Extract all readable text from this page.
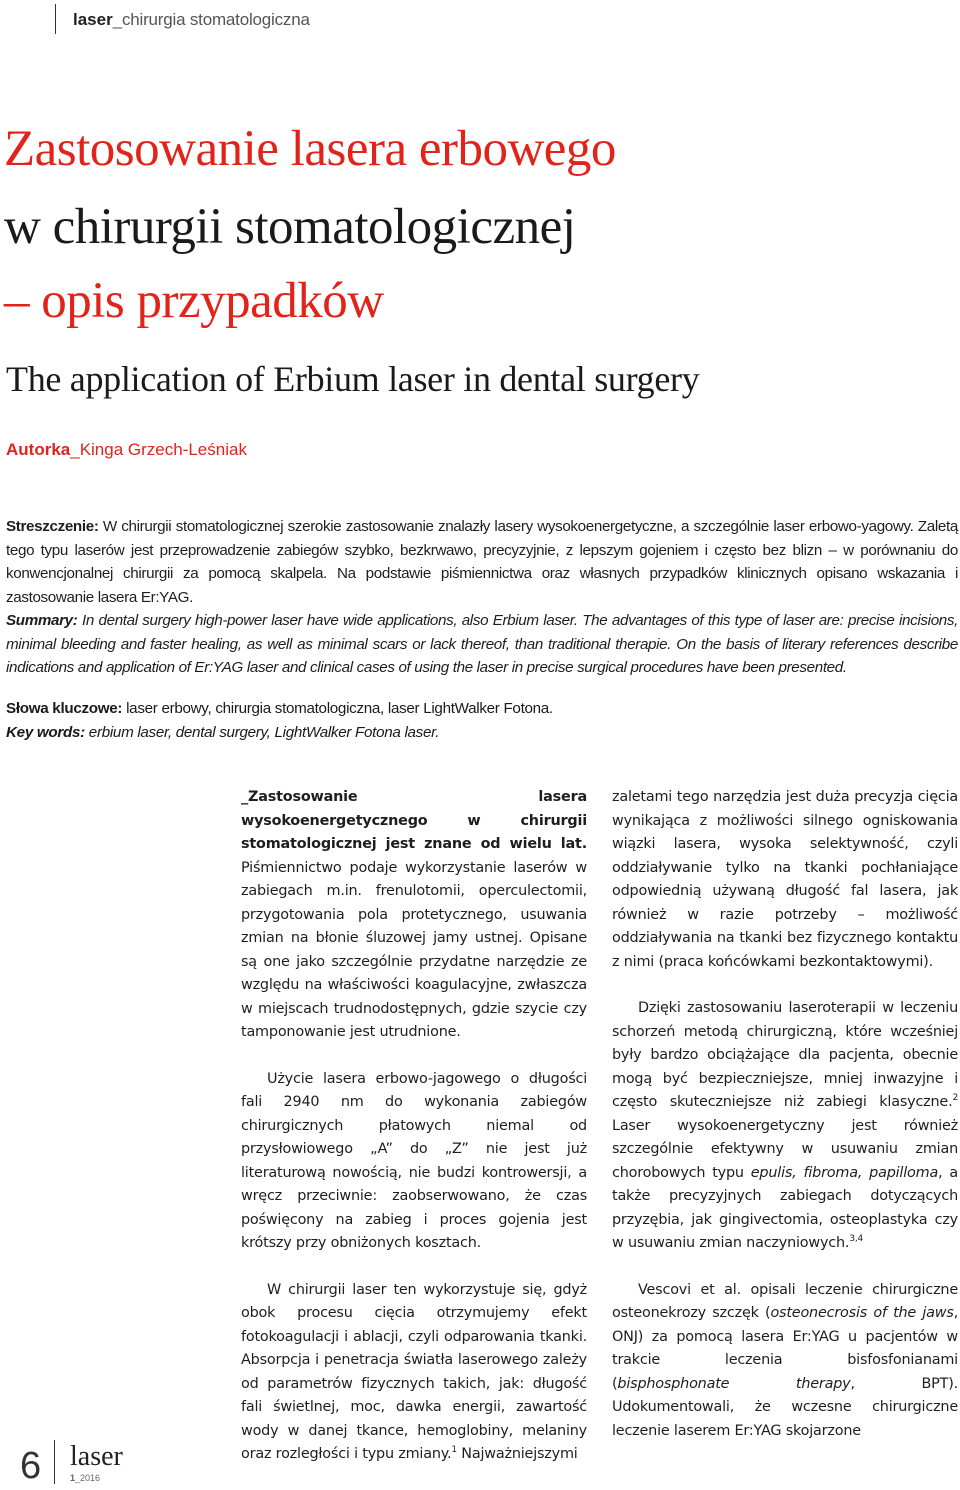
laser_chirurgia stomatologiczna
Zastosowanie lasera erbowego
w chirurgii stomatologicznej
– opis przypadków
The application of Erbium laser in dental surgery
Autorka_Kinga Grzech-Leśniak

Streszczenie: W chirurgii stomatologicznej szerokie zastosowanie znalazły lasery wysokoenergetyczne, a szczególnie laser erbowo-yagowy. Zaletą tego typu laserów jest przeprowadzenie zabiegów szybko, bezkrwawo, precyzyjnie, z lepszym gojeniem i często bez blizn – w porównaniu do konwencjonalnej chirurgii za pomocą skalpela. Na podstawie piśmiennictwa oraz własnych przypadków klinicznych opisano wskazania i zastosowanie lasera Er:YAG.

Summary: In dental surgery high-power laser have wide applications, also Erbium laser. The advantages of this type of laser are: precise incisions, minimal bleeding and faster healing, as well as minimal scars or lack thereof, than traditional therapie. On the basis of literary references describe indications and application of Er:YAG laser and clinical cases of using the laser in precise surgical procedures have been presented.

Słowa kluczowe: laser erbowy, chirurgia stomatologiczna, laser LightWalker Fotona.

Key words: erbium laser, dental surgery, LightWalker Fotona laser.

_Zastosowanie lasera wysokoenergetycznego w chirurgii stomatologicznej jest znane od wielu lat. Piśmiennictwo podaje wykorzystanie laserów w zabiegach m.in. frenulotomii, operculectomii, przygotowania pola protetycznego, usuwania zmian na błonie śluzowej jamy ustnej. Opisane są one jako szczególnie przydatne narzędzie ze względu na właściwości koagulacyjne, zwłaszcza w miejscach trudnodostępnych, gdzie szycie czy tamponowanie jest utrudnione.

Użycie lasera erbowo-jagowego o długości fali 2940 nm do wykonania zabiegów chirurgicznych płatowych niemal od przysłowiowego „A” do „Z” nie jest już literaturową nowością, nie budzi kontrowersji, a wręcz przeciwnie: zaobserwowano, że czas poświęcony na zabieg i proces gojenia jest krótszy przy obniżonych kosztach.

W chirurgii laser ten wykorzystuje się, gdyż obok procesu cięcia otrzymujemy efekt fotokoagulacji i ablacji, czyli odparowania tkanki. Absorpcja i penetracja światła laserowego zależy od parametrów fizycznych takich, jak: długość fali świetlnej, moc, dawka energii, zawartość wody w danej tkance, hemoglobiny, melaniny oraz rozległości i typu zmiany.$^1$ Najważniejszymi

zaletami tego narzędzia jest duża precyzja cięcia wynikająca z możliwości silnego ogniskowania wiązki lasera, wysoka selektywność, czyli oddziaływanie tylko na tkanki pochłaniające odpowiednią używaną długość fal lasera, jak również w razie potrzeby – możliwość oddziaływania na tkanki bez fizycznego kontaktu z nimi (praca końcówkami bezkontaktowymi).

Dzięki zastosowaniu laseroterapii w leczeniu schorzeń metodą chirurgiczną, które wcześniej były bardzo obciążające dla pacjenta, obecnie mogą być bezpieczniejsze, mniej inwazyjne i często skuteczniejsze niż zabiegi klasyczne.$^2$ Laser wysokoenergetyczny jest również szczególnie efektywny w usuwaniu zmian chorobowych typu epulis, fibroma, papilloma, a także precyzyjnych zabiegach dotyczących przyzębia, jak gingivectomia, osteoplastyka czy w usuwaniu zmian naczyniowych.$^{3,4}$

Vescovi et al. opisali leczenie chirurgiczne osteonekrozy szczęk (osteonecrosis of the jaws, ONJ) za pomocą lasera Er:YAG u pacjentów w trakcie leczenia bisfosfonianami (bisphosphonate therapy, BPT). Udokumentowali, że wczesne chirurgiczne leczenie laserem Er:YAG skojarzone

6 laser
1_2016
